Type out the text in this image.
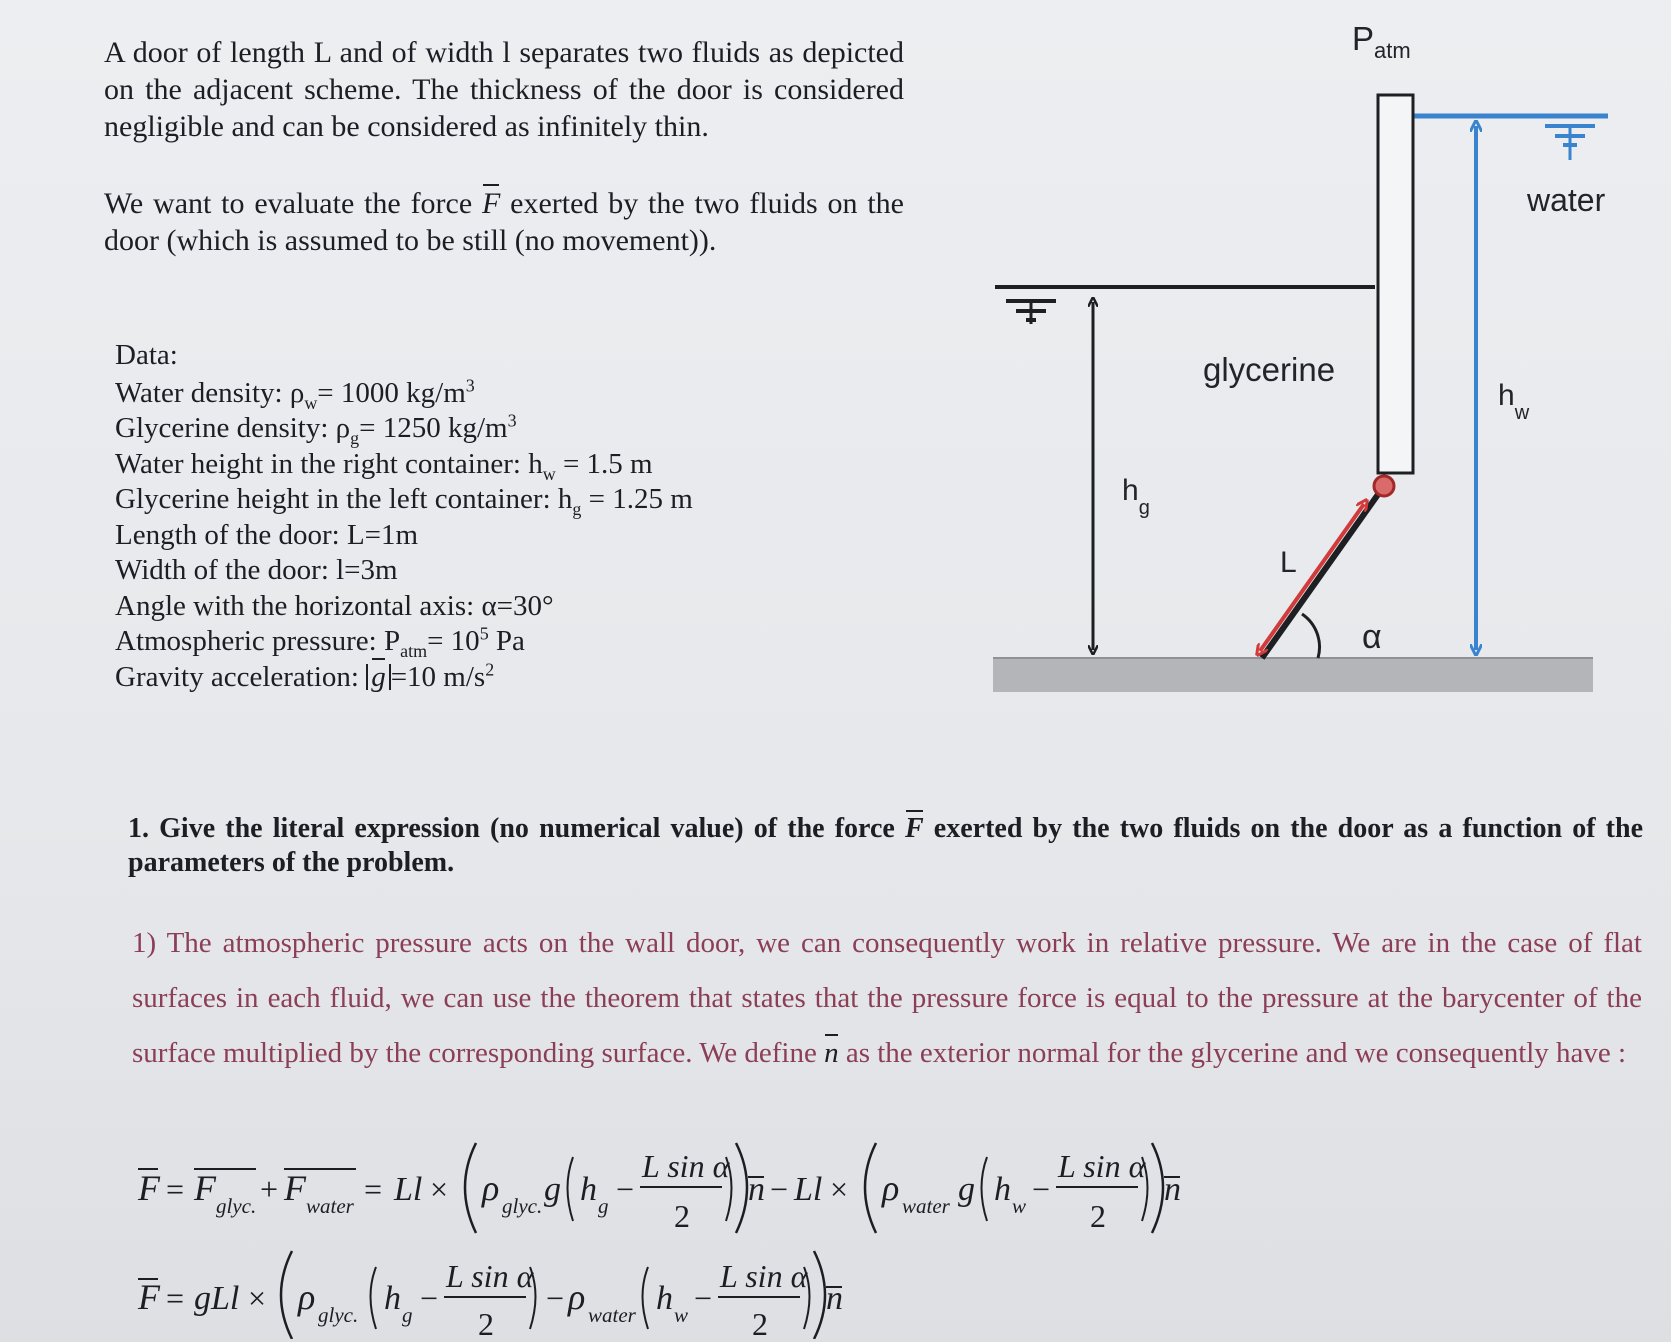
A door of length L and of width l separates two fluids as depicted on the adjacent scheme. The thickness of the door is considered negligible and can be considered as infinitely thin.

We want to evaluate the force F exerted by the two fluids on the door (which is assumed to be still (no movement)).

Data:
Water density: $\rho_w= 1000$ $kg/m^3$
Glycerine density: $\rho_g= 1250$ $kg/m^3$
Water height in the right container: $h_w = 1.5$ m
Glycerine height in the left container: $h_g = 1.25$ m
Length of the door: L=1m
Width of the door: l=3m
Angle with the horizontal axis: α=30°
Atmospheric pressure: $P_{atm}= 10^5$ Pa
Gravity acceleration: g =10 $m/s^2$
$P_{atm}$
$h_g$
$h_w$
water
glycerine
L
α
1. Give the literal expression (no numerical value) of the force F exerted by the two fluids on the door as a function of the parameters of the problem.
1) The atmospheric pressure acts on the wall door, we can consequently work in relative pressure. We are in the case of flat surfaces in each fluid, we can use the theorem that states that the pressure force is equal to the pressure at the barycenter of the surface multiplied by the corresponding surface. We define n as the exterior normal for the glycerine and we consequently have :
F = F glyc. + F water = Ll × ρ glyc. g h g −
L sin α
2
n − Ll × ρ water g h w −
L sin α
2
n
F = gLl × ρ glyc. h g −
L sin α
2
− ρ water h w −
L sin α
2
n
